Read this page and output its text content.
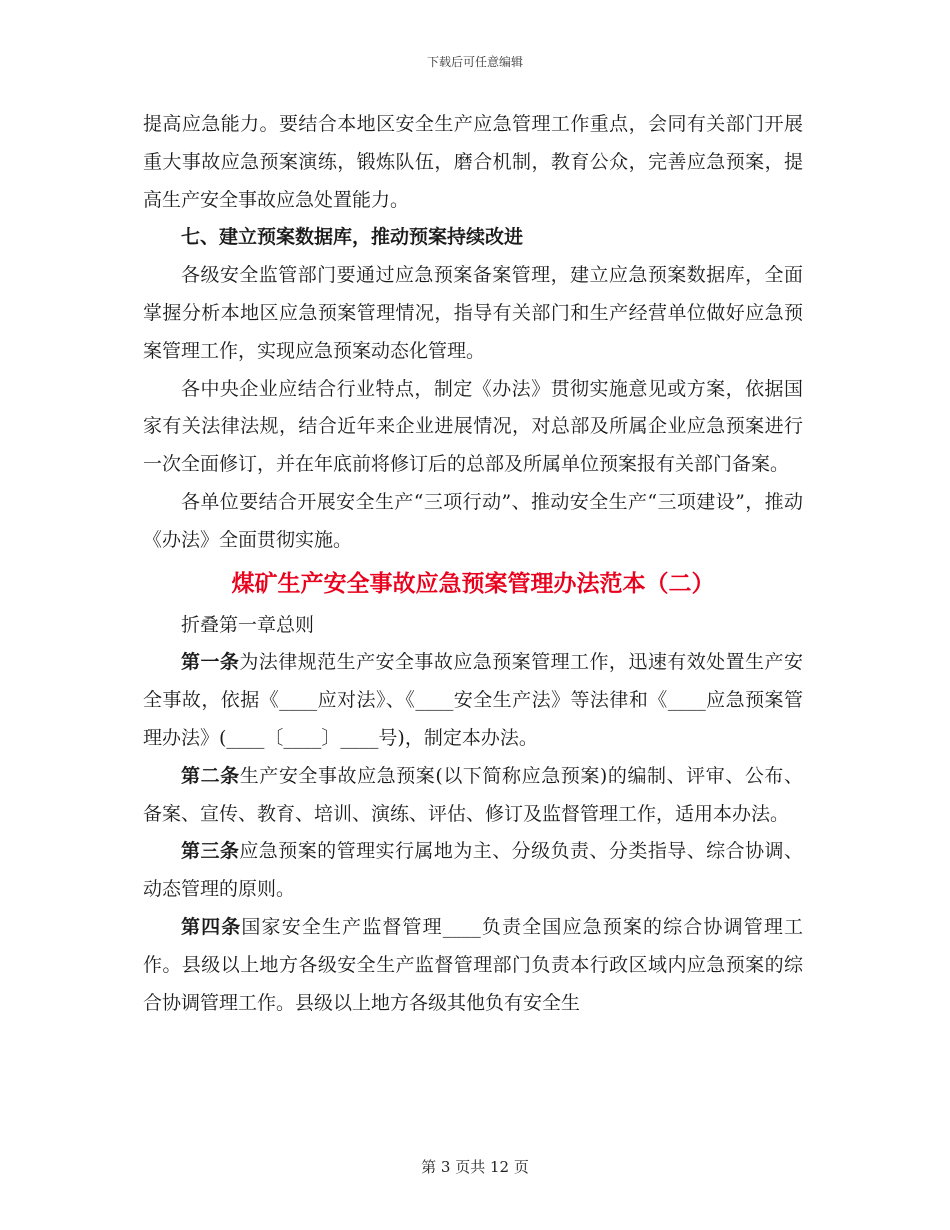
下载后可任意编辑

提高应急能力。要结合本地区安全生产应急管理工作重点，会同有关部门开展重大事故应急预案演练，锻炼队伍，磨合机制，教育公众，完善应急预案，提高生产安全事故应急处置能力。

七、建立预案数据库，推动预案持续改进

各级安全监管部门要通过应急预案备案管理，建立应急预案数据库，全面掌握分析本地区应急预案管理情况，指导有关部门和生产经营单位做好应急预案管理工作，实现应急预案动态化管理。

各中央企业应结合行业特点，制定《办法》贯彻实施意见或方案，依据国家有关法律法规，结合近年来企业进展情况，对总部及所属企业应急预案进行一次全面修订，并在年底前将修订后的总部及所属单位预案报有关部门备案。

各单位要结合开展安全生产“三项行动”、推动安全生产“三项建设”，推动《办法》全面贯彻实施。

煤矿生产安全事故应急预案管理办法范本（二）

折叠第一章总则

第一条为法律规范生产安全事故应急预案管理工作，迅速有效处置生产安全事故，依据《____应对法》、《____安全生产法》等法律和《____应急预案管理办法》(____〔____〕____号)，制定本办法。

第二条生产安全事故应急预案(以下简称应急预案)的编制、评审、公布、备案、宣传、教育、培训、演练、评估、修订及监督管理工作，适用本办法。

第三条应急预案的管理实行属地为主、分级负责、分类指导、综合协调、动态管理的原则。

第四条国家安全生产监督管理____负责全国应急预案的综合协调管理工作。县级以上地方各级安全生产监督管理部门负责本行政区域内应急预案的综合协调管理工作。县级以上地方各级其他负有安全生

第 3 页共 12 页
